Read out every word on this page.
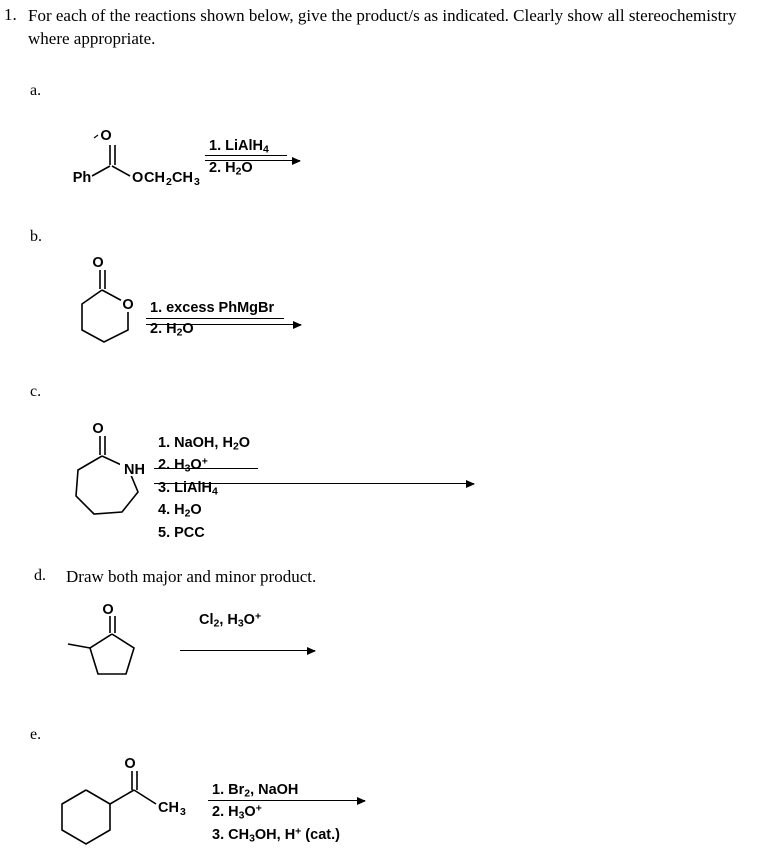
1. For each of the reactions shown below, give the product/s as indicated. Clearly show all stereochemistry where appropriate.
a.
O
Ph	O CH 2 CH 3
1. LiAlH$_4$
2. $H_2O$
b.
O
O
1. excess PhMgBr
2. $H_2O$
c.
NH
O
1. NaOH, $H_2O$
2. $H_3O^+$
3. LiAlH$_4$
4. $H_2O$
5. PCC
d. Draw both major and minor product.
O
$Cl_2$, $H_3O^+$
e.
O
CH 3
1. $Br_2$, NaOH
2. $H_3O^+$
3. $CH_3OH$, H+ (cat.)
